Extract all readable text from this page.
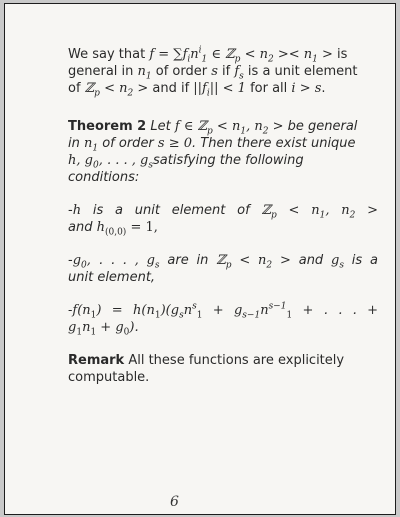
We say that $f = \sum f_in^i_1$ ∈ ℤ$_p$ < $n_2 >< n_1$ > is
general in $n_1$ of order s if $f_s$ is a unit element
of ℤ$_p$ < $n_2$ > and if $||f_i|| < 1$ for all i > s.

Theorem 2 Let f ∈ ℤ$_p$ < $n_1$, $n_2$ > be general
in $n_1$ of order s ≥ 0. Then there exist unique
h, $g_0$, . . . , $g_ssatisfying$ the following conditions:

-h is a unit element of ℤ$_p$ < $n_1$, $n_2$ >
and $h_{(0,0)} = 1$,

$-g_0$, . . . , $g_s$ are in ℤ$_p$ < $n_2$ > and $g_s$ is a
unit element,

$-f(n_1) = h(n_1)(g_sn^s_1 + g_{s-1}n^{s-1}_1$ + . . . +
$g_1n_1 + g_0$).

Remark All these functions are explicitely computable.

6
